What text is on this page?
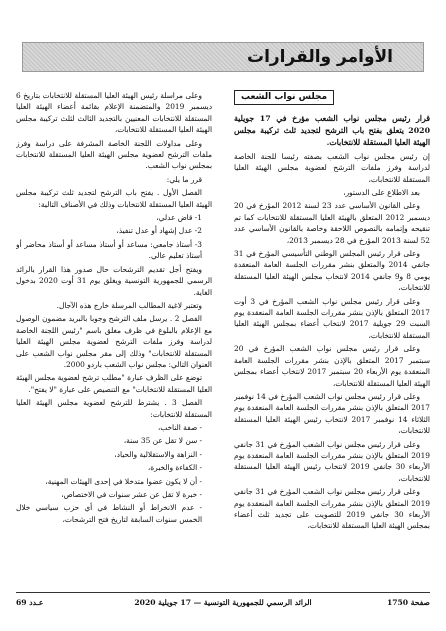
الأوامر والقرارات
مجلس نواب الشعب

قرار رئيس مجلس نواب الشعب مؤرخ في 17 جويلية 2020 يتعلق بفتح باب الترشح لتجديد ثلث تركيبة مجلس الهيئة العليا المستقلة للانتخابات.

إن رئيس مجلس نواب الشعب بصفته رئيسا للجنة الخاصة لدراسة وفرز ملفات الترشح لعضوية مجلس الهيئة العليا المستقلة للانتخابات،

بعد الاطلاع على الدستور،

وعلى القانون الأساسي عدد 23 لسنة 2012 المؤرخ في 20 ديسمبر 2012 المتعلق بالهيئة العليا المستقلة للانتخابات كما تم تنقيحه وإتمامه بالنصوص اللاحقة وخاصة بالقانون الأساسي عدد 52 لسنة 2013 المؤرخ في 28 ديسمبر 2013،

وعلى قرار رئيس المجلس الوطني التأسيسي المؤرخ في 31 جانفي 2014 والمتعلق بنشر مقررات الجلسة العامة المنعقدة يومي 8 و9 جانفي 2014 لانتخاب مجلس الهيئة العليا المستقلة للانتخابات،

وعلى قرار رئيس مجلس نواب الشعب المؤرخ في 3 أوت 2017 المتعلق بالإذن بنشر مقررات الجلسة العامة المنعقدة يوم السبت 29 جويلية 2017 لانتخاب أعضاء بمجلس الهيئة العليا المستقلة للانتخابات،

وعلى قرار رئيس مجلس نواب الشعب المؤرخ في 20 سبتمبر 2017 المتعلق بالإذن بنشر مقررات الجلسة العامة المنعقدة يوم الأربعاء 20 سبتمبر 2017 لانتخاب أعضاء بمجلس الهيئة العليا المستقلة للانتخابات،

وعلى قرار رئيس مجلس نواب الشعب المؤرخ في 14 نوفمبر 2017 المتعلق بالإذن بنشر مقررات الجلسة العامة المنعقدة يوم الثلاثاء 14 نوفمبر 2017 لانتخاب رئيس الهيئة العليا المستقلة للانتخابات،

وعلى قرار رئيس مجلس نواب الشعب المؤرخ في 31 جانفي 2019 المتعلق بالإذن بنشر مقررات الجلسة العامة المنعقدة يوم الأربعاء 30 جانفي 2019 لانتخاب رئيس الهيئة العليا المستقلة للانتخابات،

وعلى قرار رئيس مجلس نواب الشعب المؤرخ في 31 جانفي 2019 المتعلق بالإذن بنشر مقررات الجلسة العامة المنعقدة يوم الأربعاء 30 جانفي 2019 للتصويت على تجديد ثلث أعضاء بمجلس الهيئة العليا المستقلة للانتخابات،

وعلى مراسلة رئيس الهيئة العليا المستقلة للانتخابات بتاريخ 6 ديسمبر 2019 والمتضمنة الإعلام بقائمة أعضاء الهيئة العليا المستقلة للانتخابات المعنيين بالتجديد الثالث لثلث تركيبة مجلس الهيئة العليا المستقلة للانتخابات،

وعلى مداولات اللجنة الخاصة المشرفة على دراسة وفرز ملفات الترشح لعضوية مجلس الهيئة العليا المستقلة للانتخابات بمجلس نواب الشعب.

قرر ما يلي:

الفصل الأول . يفتح باب الترشح لتجديد ثلث تركيبة مجلس الهيئة العليا المستقلة للانتخابات وذلك في الأصناف التالية:

1- قاض عدلي،

2- عدل إشهاد أو عدل تنفيذ،

3- أستاذ جامعي: مساعد أو أستاذ مساعد أو أستاذ محاضر أو أستاذ تعليم عالي.

ويفتح أجل تقديم الترشحات حال صدور هذا القرار بالرائد الرسمي للجمهورية التونسية ويغلق يوم 31 أوت 2020 بدخول الغاية.

وتعتبر لاغية المطالب المرسلة خارج هذه الآجال.

الفصل 2 . يرسل ملف الترشح وجوبا بالبريد مضمون الوصول مع الإعلام بالبلوغ في ظرف مغلق باسم "رئيس اللجنة الخاصة لدراسة وفرز ملفات الترشح لعضوية مجلس الهيئة العليا المستقلة للانتخابات" وذلك إلى مقر مجلس نواب الشعب على العنوان التالي: مجلس نواب الشعب باردو 2000.

توضع على الظرف عبارة "مطلب ترشح لعضوية مجلس الهيئة العليا المستقلة للانتخابات" مع التنصيص على عبارة "لا يفتح".

الفصل 3 . يشترط للترشح لعضوية مجلس الهيئة العليا المستقلة للانتخابات:

- صفة الناخب،

- سن لا تقل عن 35 سنة،

- النزاهة والاستقلالية والحياد،

- الكفاءة والخبرة،

- أن لا يكون عضوا متدخلا في إحدى الهيئات المهنية،

- خبرة لا تقل عن عشر سنوات في الاختصاص،

- عدم الانخراط أو النشاط في أي حزب سياسي خلال الخمس سنوات السابقة لتاريخ فتح الترشحات،

صفحة 1750
الرائد الرسمي للجمهورية التونسية — 17 جويلية 2020
عـدد 69
